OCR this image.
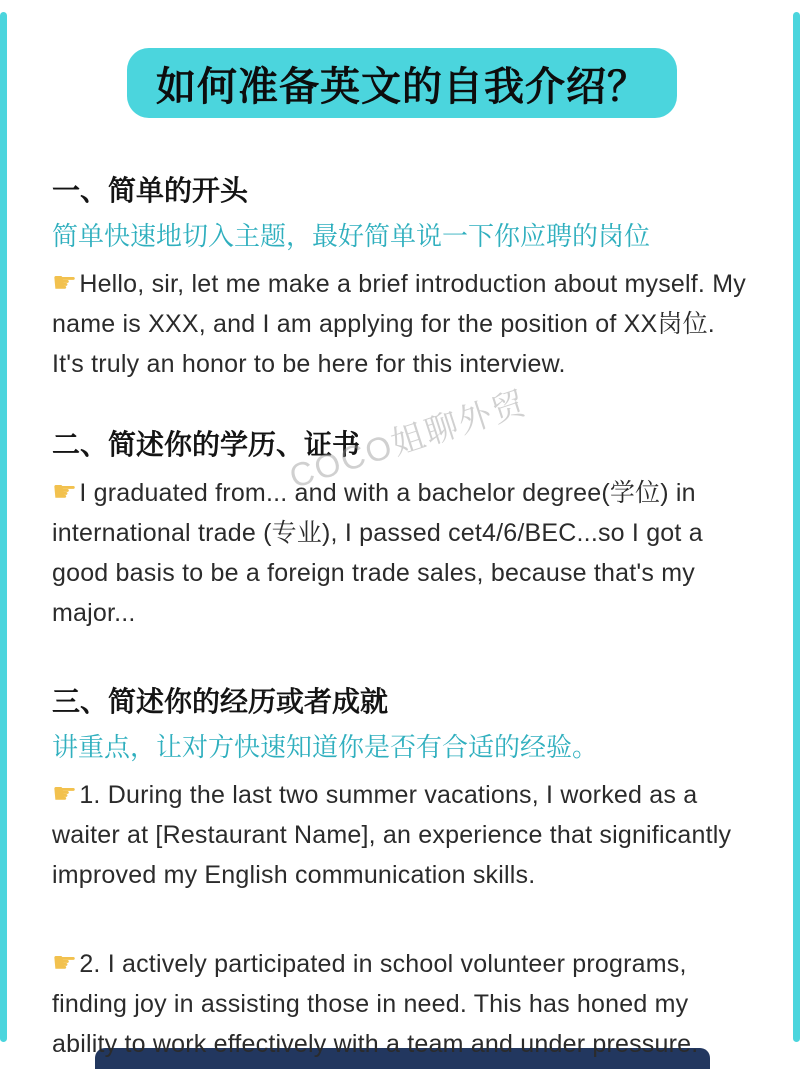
如何准备英文的自我介绍？
一、简单的开头

简单快速地切入主题，最好简单说一下你应聘的岗位

☛Hello, sir, let me make a brief introduction about myself. My name is XXX, and I am applying for the position of XX岗位. It's truly an honor to be here for this interview.

二、简述你的学历、证书

☛I graduated from... and with a bachelor degree(学位) in international trade (专业), I passed cet4/6/BEC...so I got a good basis to be a foreign trade sales, because that's my major...

三、简述你的经历或者成就

讲重点，让对方快速知道你是否有合适的经验。

☛1. During the last two summer vacations, I worked as a waiter at [Restaurant Name], an experience that significantly improved my English communication skills.

☛2. I actively participated in school volunteer programs, finding joy in assisting those in need. This has honed my ability to work effectively with a team and under pressure.

COCO姐聊外贸
